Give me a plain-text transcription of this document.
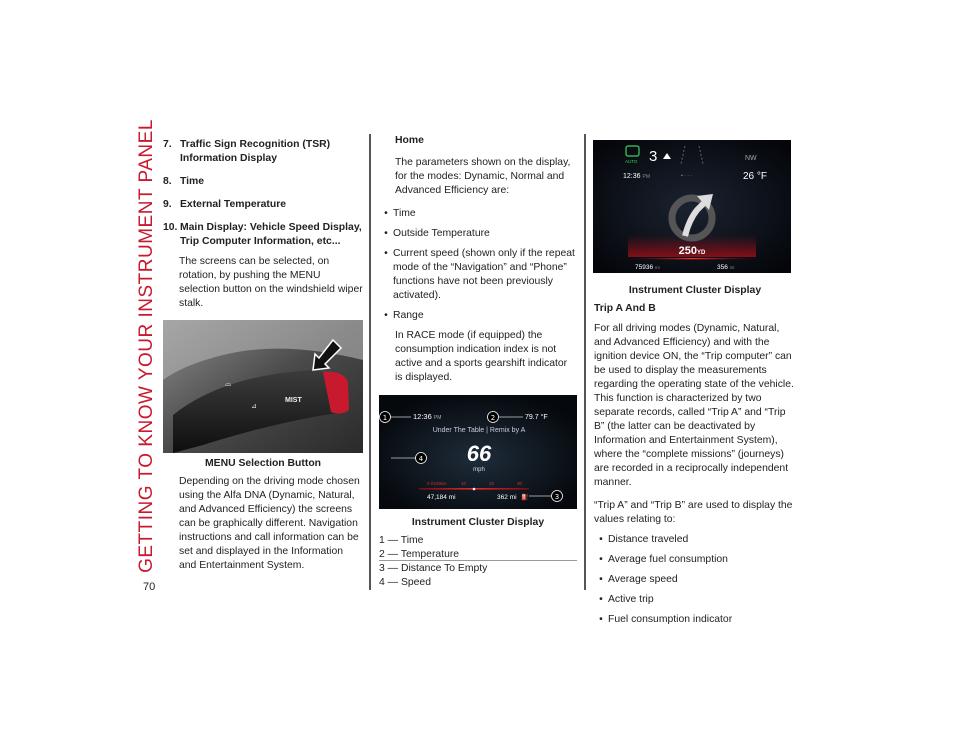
GETTING TO KNOW YOUR INSTRUMENT PANEL
70
7. Traffic Sign Recognition (TSR) Information Display
8. Time
9. External Temperature
10. Main Display: Vehicle Speed Display, Trip Computer Information, etc...

The screens can be selected, on rotation, by pushing the MENU selection button on the windshield wiper stalk.

⌓
⊿
MIST
MENU Selection Button

Depending on the driving mode chosen using the Alfa DNA (Dynamic, Natural, and Advanced Efficiency) the screens can be graphically different. Navigation instructions and call information can be set and displayed in the Information and Entertainment System.

Home

The parameters shown on the display, for the modes: Dynamic, Normal and Advanced Efficiency are:

• Time
• Outside Temperature
• Current speed (shown only if the repeat mode of the “Navigation” and “Phone” functions have not been previously activated).
• Range

In RACE mode (if equipped) the consumption indication index is not active and a sports gearshift indicator is displayed.

1	2
3
4
12:36 PM	79.7 °F
Under The Table | Remix by A
66
mph
0 l/100km	10	20	30
47,184 mi	362 mi ⛽
Instrument Cluster Display
1 — Time
2 — Temperature
3 — Distance To Empty
4 — Speed
AUTO 3	NW
12:36 PM	• · · ·	26 °F
250YD
75936 mi	356 mi
Instrument Cluster Display
Trip A And B

For all driving modes (Dynamic, Natural, and Advanced Efficiency) and with the ignition device ON, the “Trip computer” can be used to display the measurements regarding the operating state of the vehicle. This function is characterized by two separate records, called “Trip A” and “Trip B” (the latter can be deactivated by Information and Entertainment System), where the “complete missions” (journeys) are recorded in a reciprocally independent manner.

“Trip A” and “Trip B” are used to display the values relating to:

• Distance traveled
• Average fuel consumption
• Average speed
• Active trip
• Fuel consumption indicator
